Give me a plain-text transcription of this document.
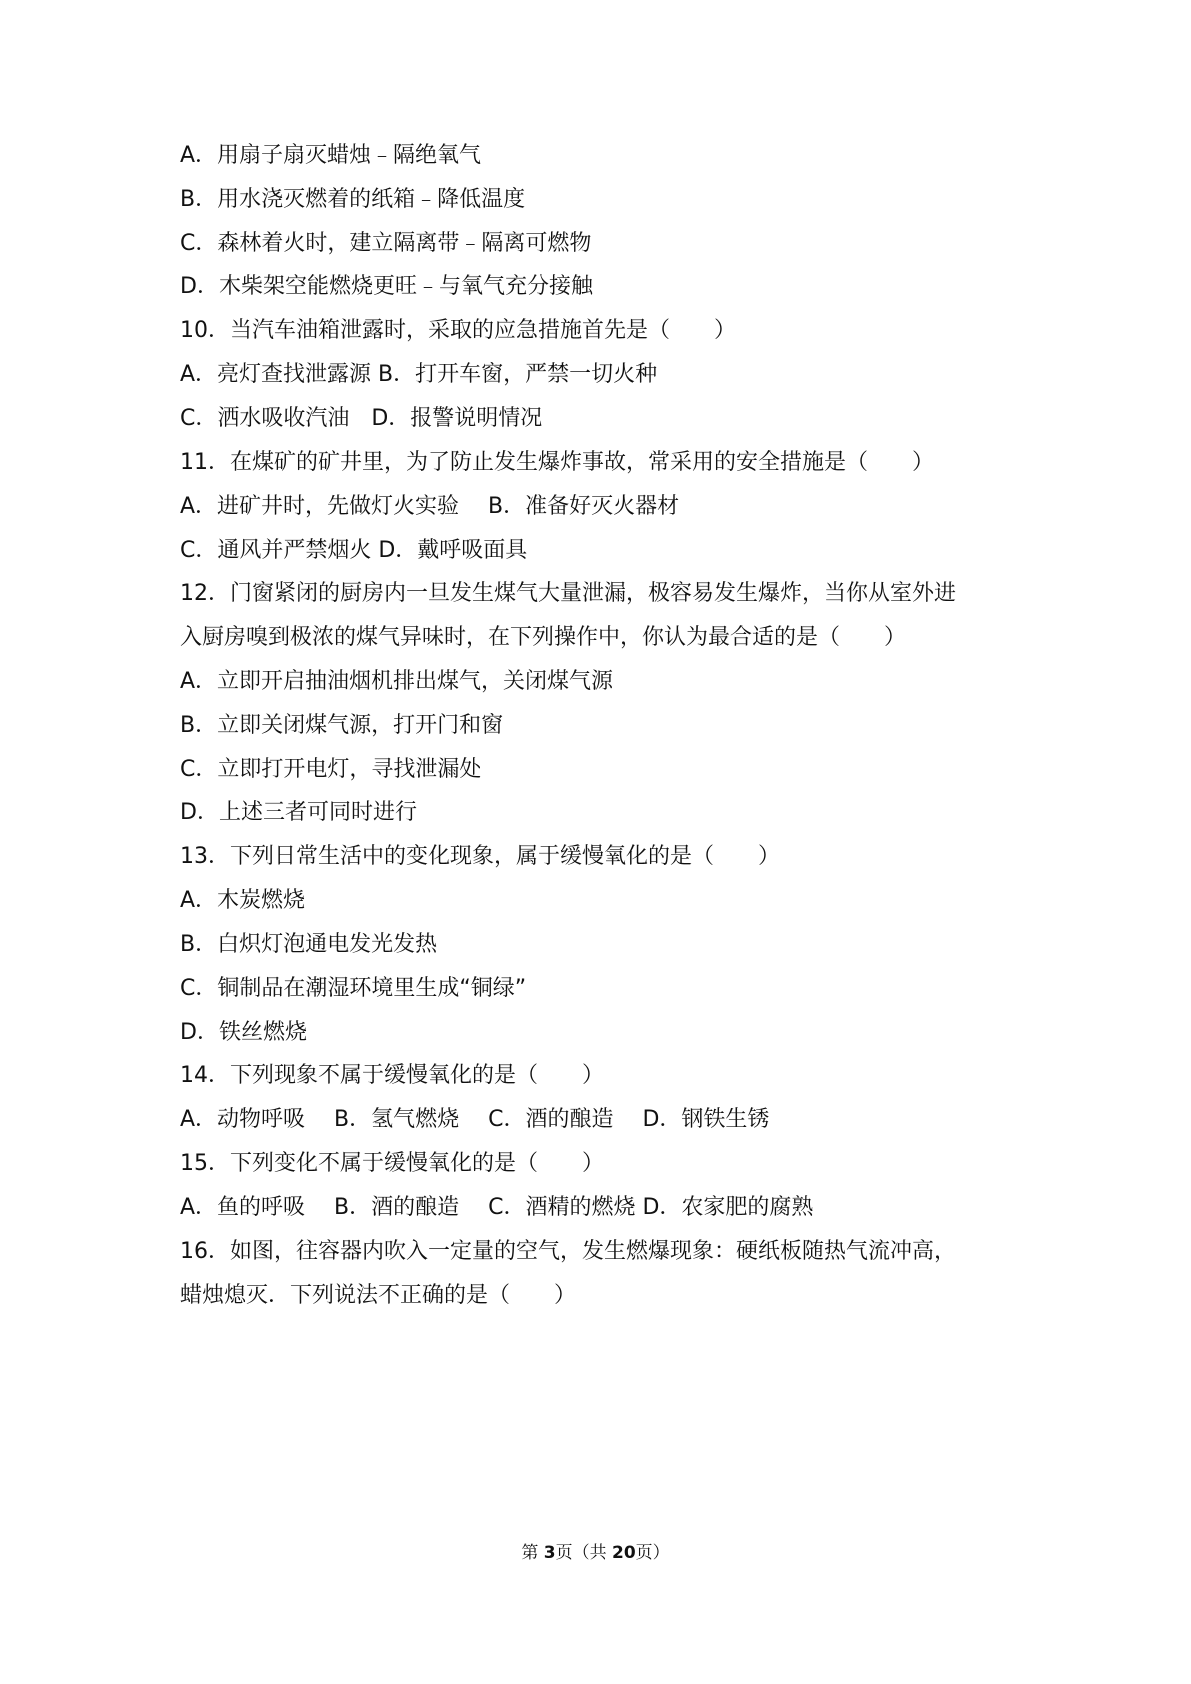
A．用扇子扇灭蜡烛﹣隔绝氧气
B．用水浇灭燃着的纸箱﹣降低温度
C．森林着火时，建立隔离带﹣隔离可燃物
D．木柴架空能燃烧更旺﹣与氧气充分接触
10．当汽车油箱泄露时，采取的应急措施首先是（　　）
A．亮灯查找泄露源 B．打开车窗，严禁一切火种
C．洒水吸收汽油　D．报警说明情况
11．在煤矿的矿井里，为了防止发生爆炸事故，常采用的安全措施是（　　）
A．进矿井时，先做灯火实验　 B．准备好灭火器材
C．通风并严禁烟火 D．戴呼吸面具
12．门窗紧闭的厨房内一旦发生煤气大量泄漏，极容易发生爆炸，当你从室外进
入厨房嗅到极浓的煤气异味时，在下列操作中，你认为最合适的是（　　）
A．立即开启抽油烟机排出煤气，关闭煤气源
B．立即关闭煤气源，打开门和窗
C．立即打开电灯，寻找泄漏处
D．上述三者可同时进行
13．下列日常生活中的变化现象，属于缓慢氧化的是（　　）
A．木炭燃烧
B．白炽灯泡通电发光发热
C．铜制品在潮湿环境里生成“铜绿”
D．铁丝燃烧
14．下列现象不属于缓慢氧化的是（　　）
A．动物呼吸　 B．氢气燃烧　 C．酒的酿造　 D．钢铁生锈
15．下列变化不属于缓慢氧化的是（　　）
A．鱼的呼吸　 B．酒的酿造　 C．酒精的燃烧 D．农家肥的腐熟
16．如图，往容器内吹入一定量的空气，发生燃爆现象：硬纸板随热气流冲高，
蜡烛熄灭．下列说法不正确的是（　　）
第 3页（共 20页）
